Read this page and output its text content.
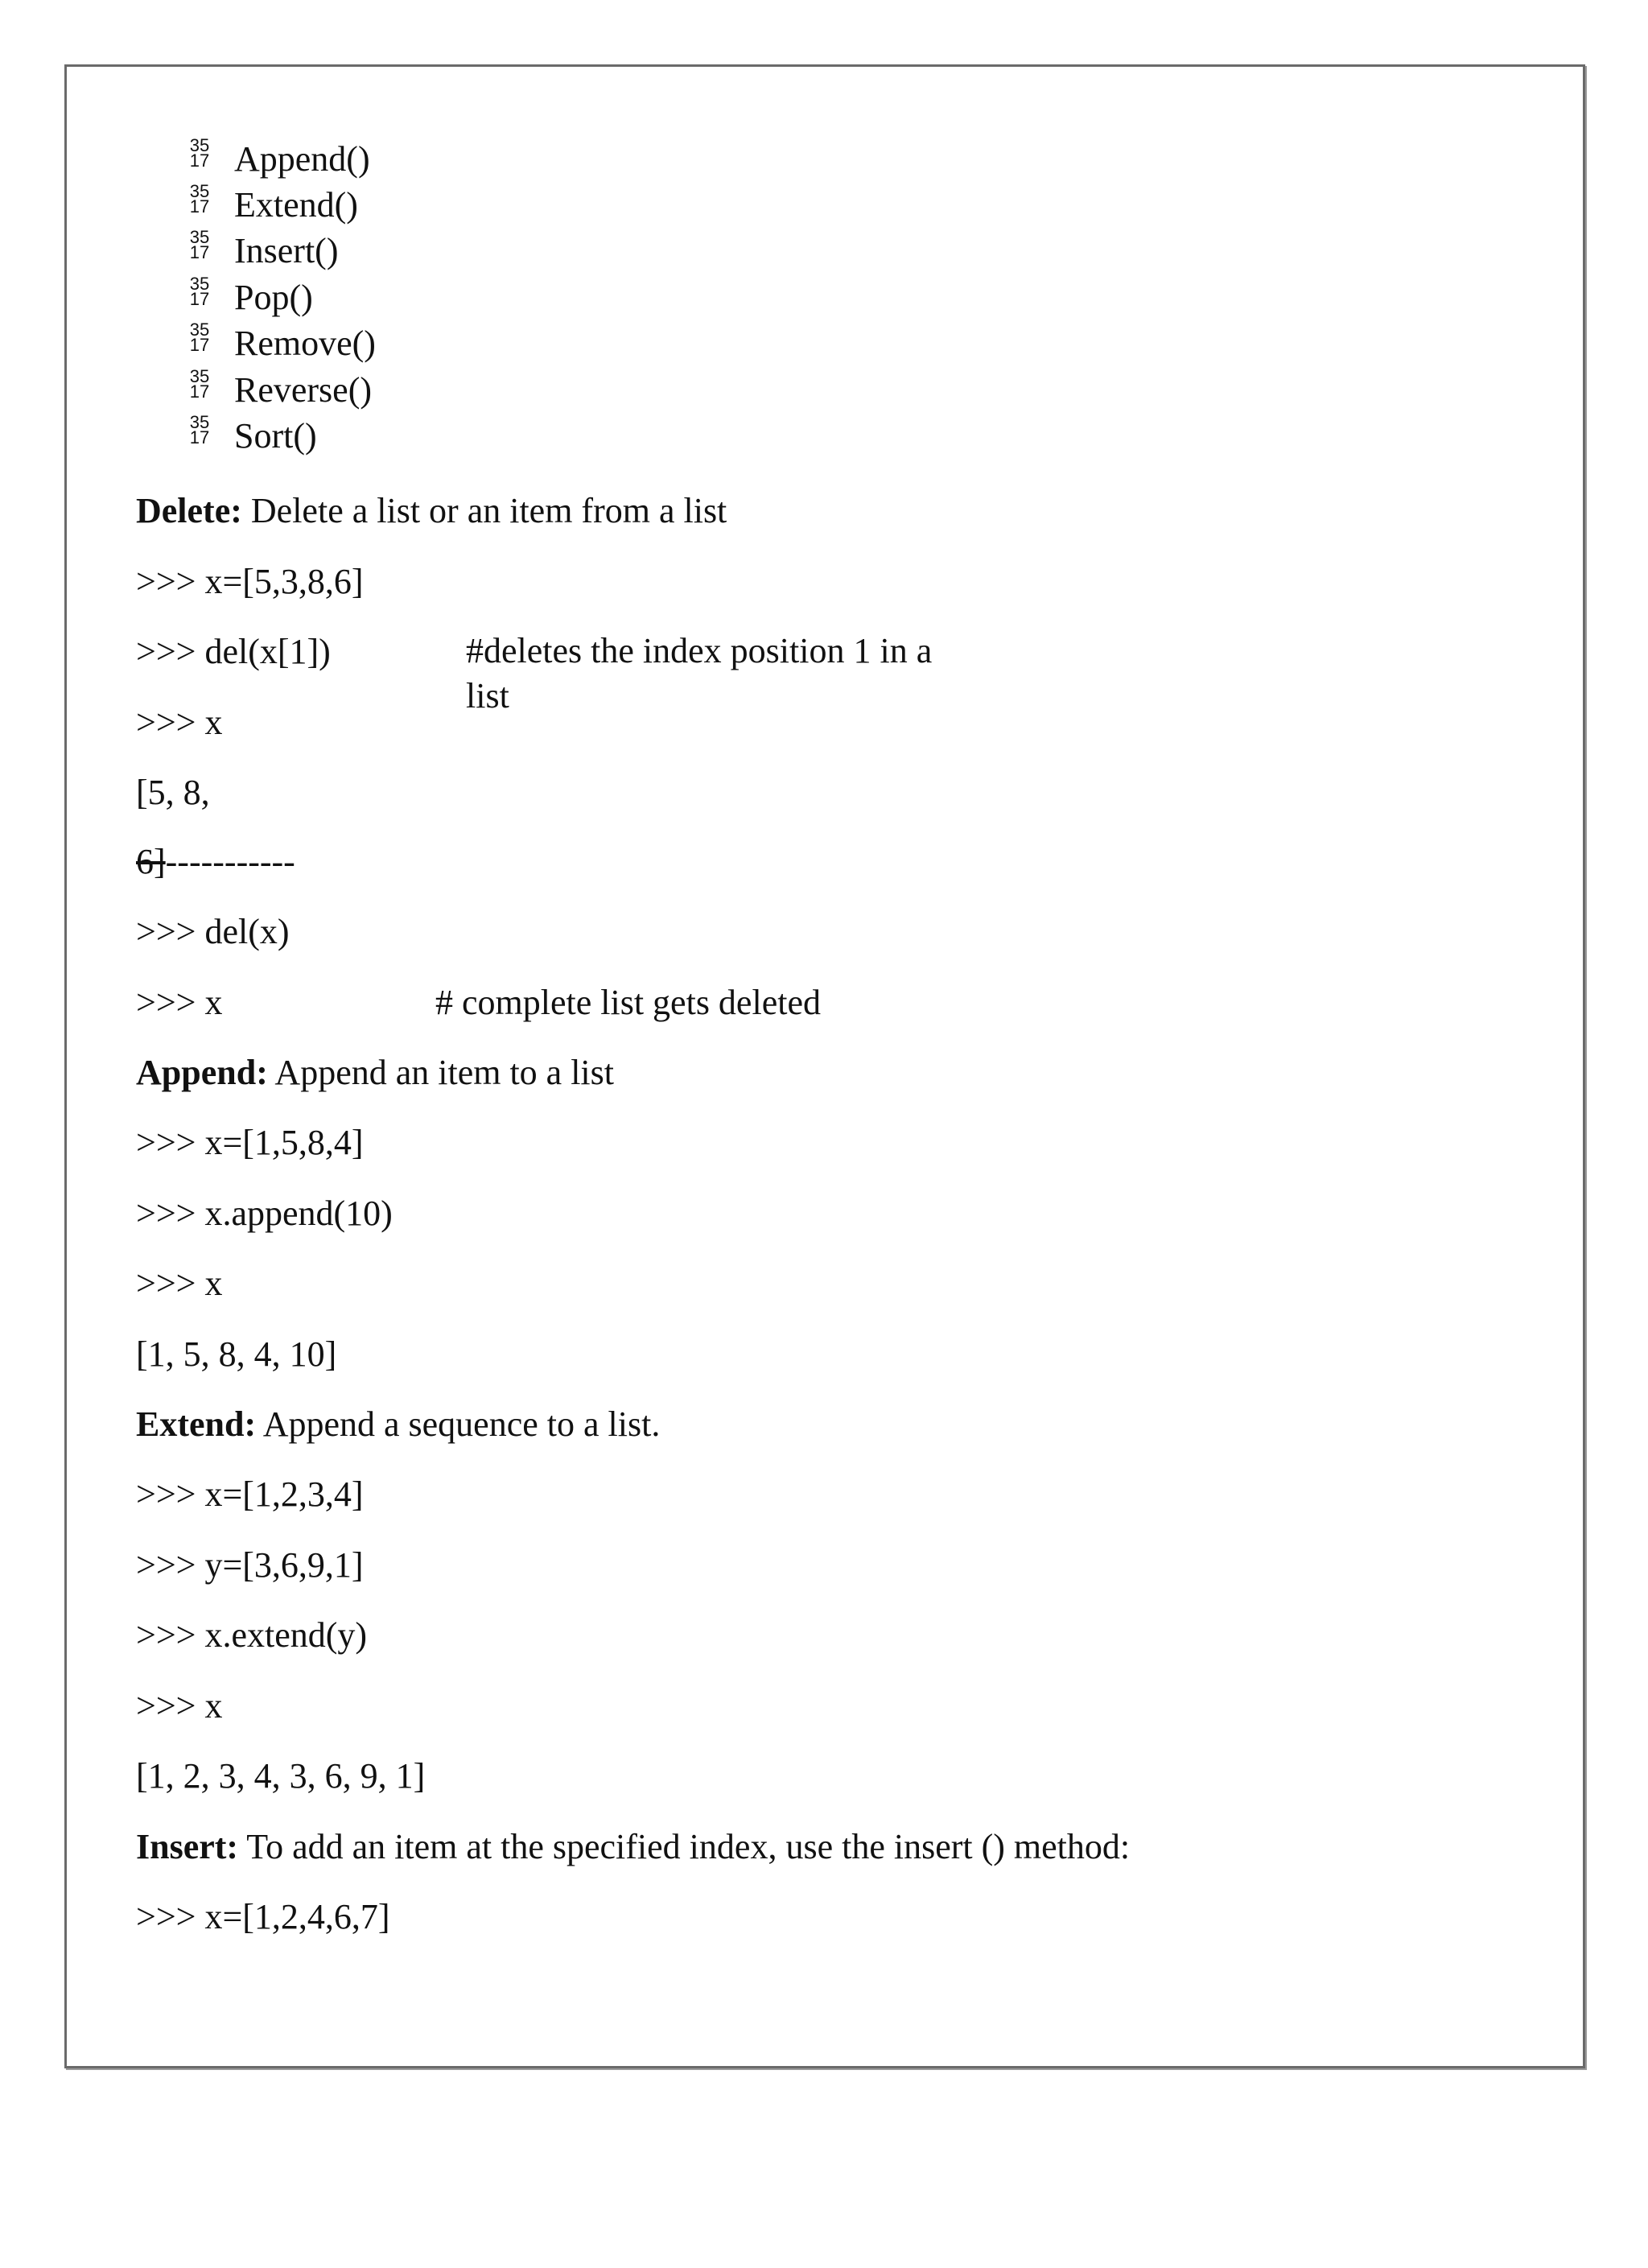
35
17 Append()
35
17 Extend()
35
17 Insert()
35
17 Pop()
35
17 Remove()
35
17 Reverse()
35
17 Sort()
Delete: Delete a list or an item from a list
>>> x=[5,3,8,6]
>>> del(x[1])	#deletes the index position 1 in a list
>>> x
[5, 8,
6]-----------
>>> del(x)
>>> x	# complete list gets deleted
Append: Append an item to a list
>>> x=[1,5,8,4]
>>> x.append(10)
>>> x
[1, 5, 8, 4, 10]
Extend: Append a sequence to a list.
>>> x=[1,2,3,4]
>>> y=[3,6,9,1]
>>> x.extend(y)
>>> x
[1, 2, 3, 4, 3, 6, 9, 1]
Insert: To add an item at the specified index, use the insert () method:
>>> x=[1,2,4,6,7]
